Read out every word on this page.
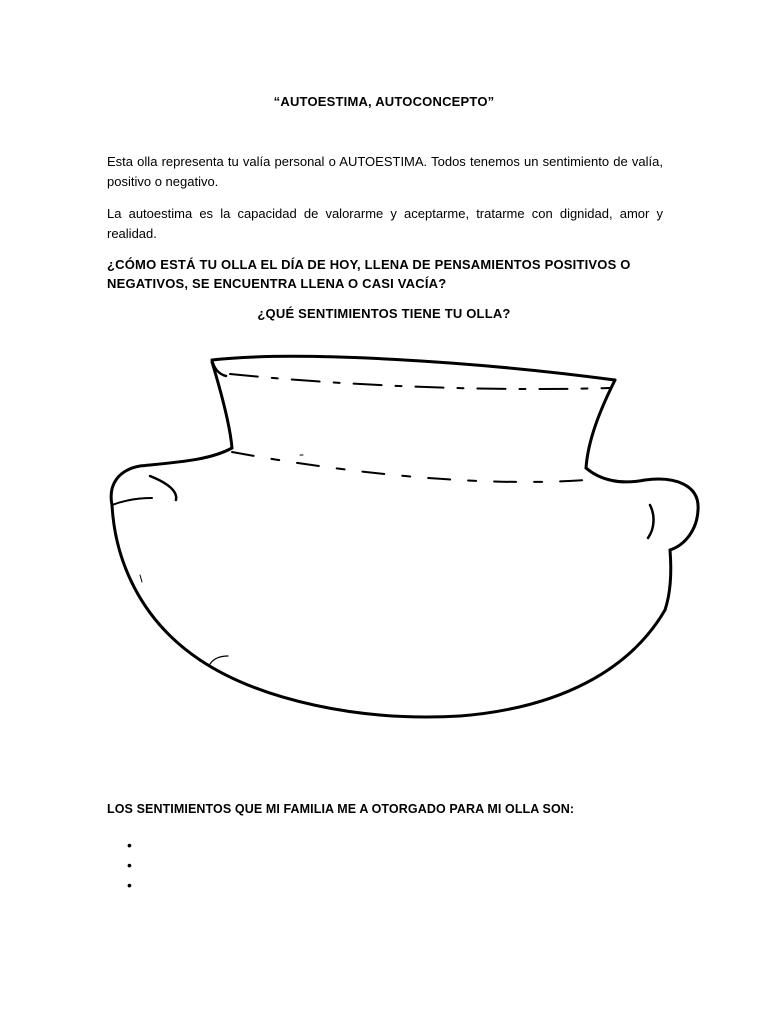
“AUTOESTIMA, AUTOCONCEPTO”
Esta olla representa tu valía personal o AUTOESTIMA. Todos tenemos un sentimiento de valía, positivo o negativo.
La autoestima es la capacidad de valorarme y aceptarme, tratarme con dignidad, amor y realidad.
¿CÓMO ESTÁ TU OLLA EL DÍA DE HOY, LLENA DE PENSAMIENTOS POSITIVOS O NEGATIVOS, SE ENCUENTRA LLENA O CASI VACÍA?
¿QUÉ SENTIMIENTOS TIENE TU OLLA?
LOS SENTIMIENTOS QUE MI FAMILIA ME A OTORGADO PARA MI OLLA SON:
•
•
•
